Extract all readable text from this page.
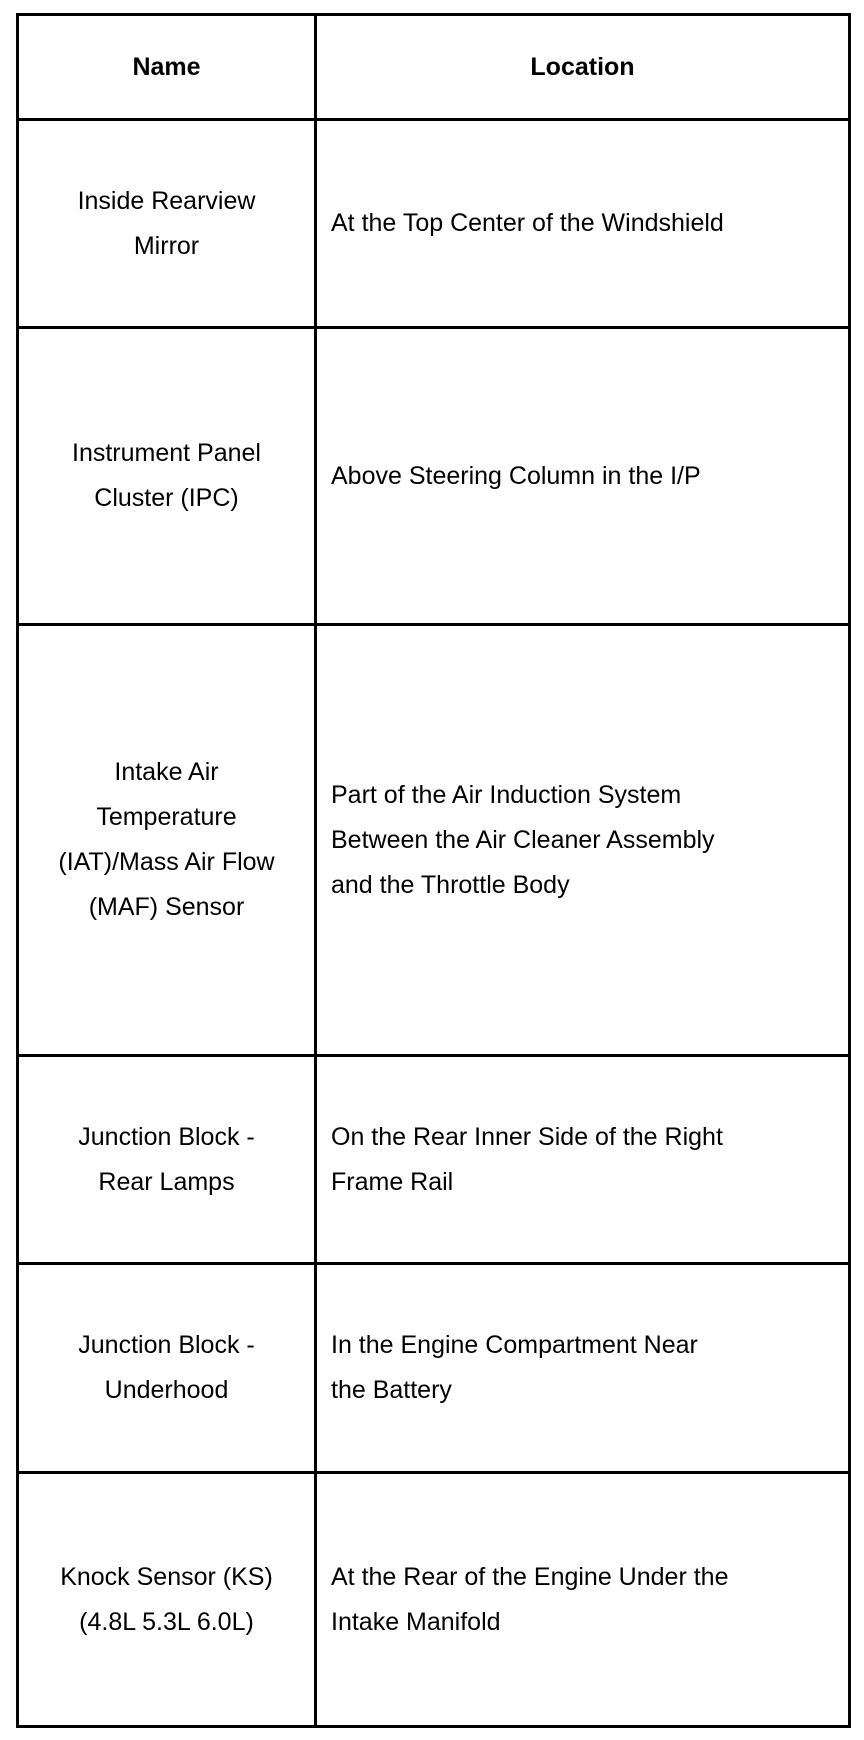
Name	Location

Inside Rearview
Mirror	At the Top Center of the Windshield

Instrument Panel
Cluster (IPC)	Above Steering Column in the I/P

Intake Air
Temperature
(IAT)/Mass Air Flow
(MAF) Sensor	Part of the Air Induction System
Between the Air Cleaner Assembly
and the Throttle Body

Junction Block -
Rear Lamps	On the Rear Inner Side of the Right
Frame Rail

Junction Block -
Underhood	In the Engine Compartment Near
the Battery

Knock Sensor (KS)
(4.8L 5.3L 6.0L)	At the Rear of the Engine Under the
Intake Manifold
